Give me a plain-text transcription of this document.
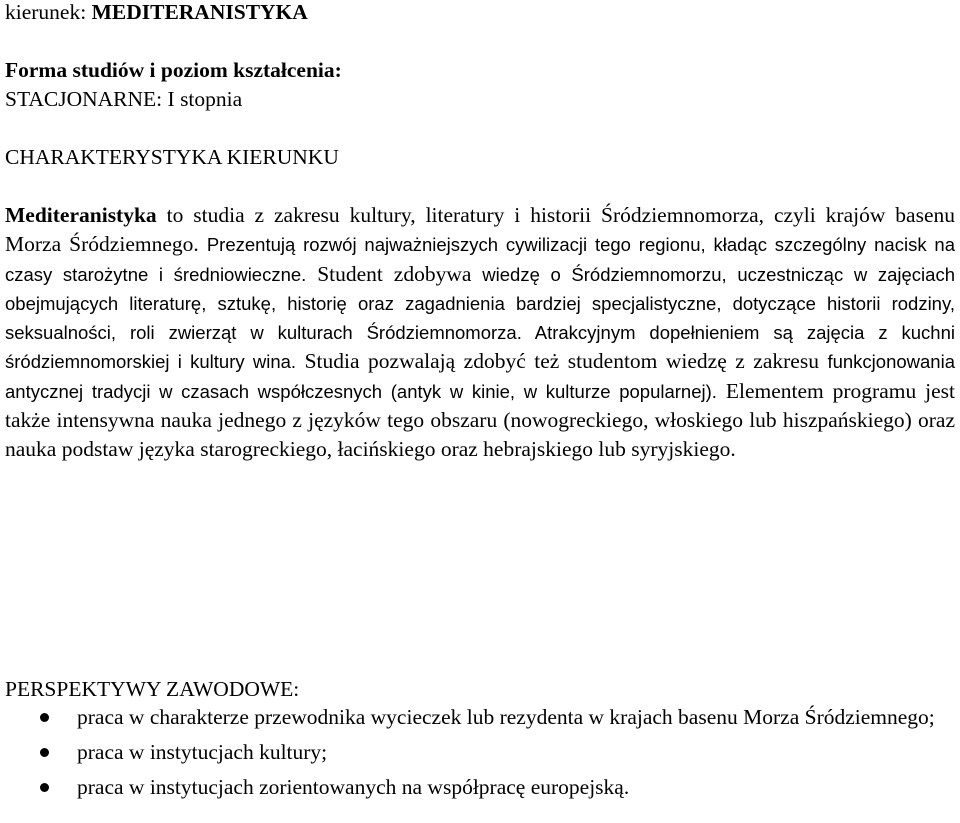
kierunek: MEDITERANISTYKA
Forma studiów i poziom kształcenia:
STACJONARNE: I stopnia
CHARAKTERYSTYKA KIERUNKU
Mediteranistyka to studia z zakresu kultury, literatury i historii Śródziemnomorza, czyli krajów basenu Morza Śródziemnego. Prezentują rozwój najważniejszych cywilizacji tego regionu, kładąc szczególny nacisk na czasy starożytne i średniowieczne. Student zdobywa wiedzę o Śródziemnomorzu, uczestnicząc w zajęciach obejmujących literaturę, sztukę, historię oraz zagadnienia bardziej specjalistyczne, dotyczące historii rodziny, seksualności, roli zwierząt w kulturach Śródziemnomorza. Atrakcyjnym dopełnieniem są zajęcia z kuchni śródziemnomorskiej i kultury wina. Studia pozwalają zdobyć też studentom wiedzę z zakresu funkcjonowania antycznej tradycji w czasach współczesnych (antyk w kinie, w kulturze popularnej). Elementem programu jest także intensywna nauka jednego z języków tego obszaru (nowogreckiego, włoskiego lub hiszpańskiego) oraz nauka podstaw języka starogreckiego, łacińskiego oraz hebrajskiego lub syryjskiego.
PERSPEKTYWY ZAWODOWE:
praca w charakterze przewodnika wycieczek lub rezydenta w krajach basenu Morza Śródziemnego;
praca w instytucjach kultury;
praca w instytucjach zorientowanych na współpracę europejską.
